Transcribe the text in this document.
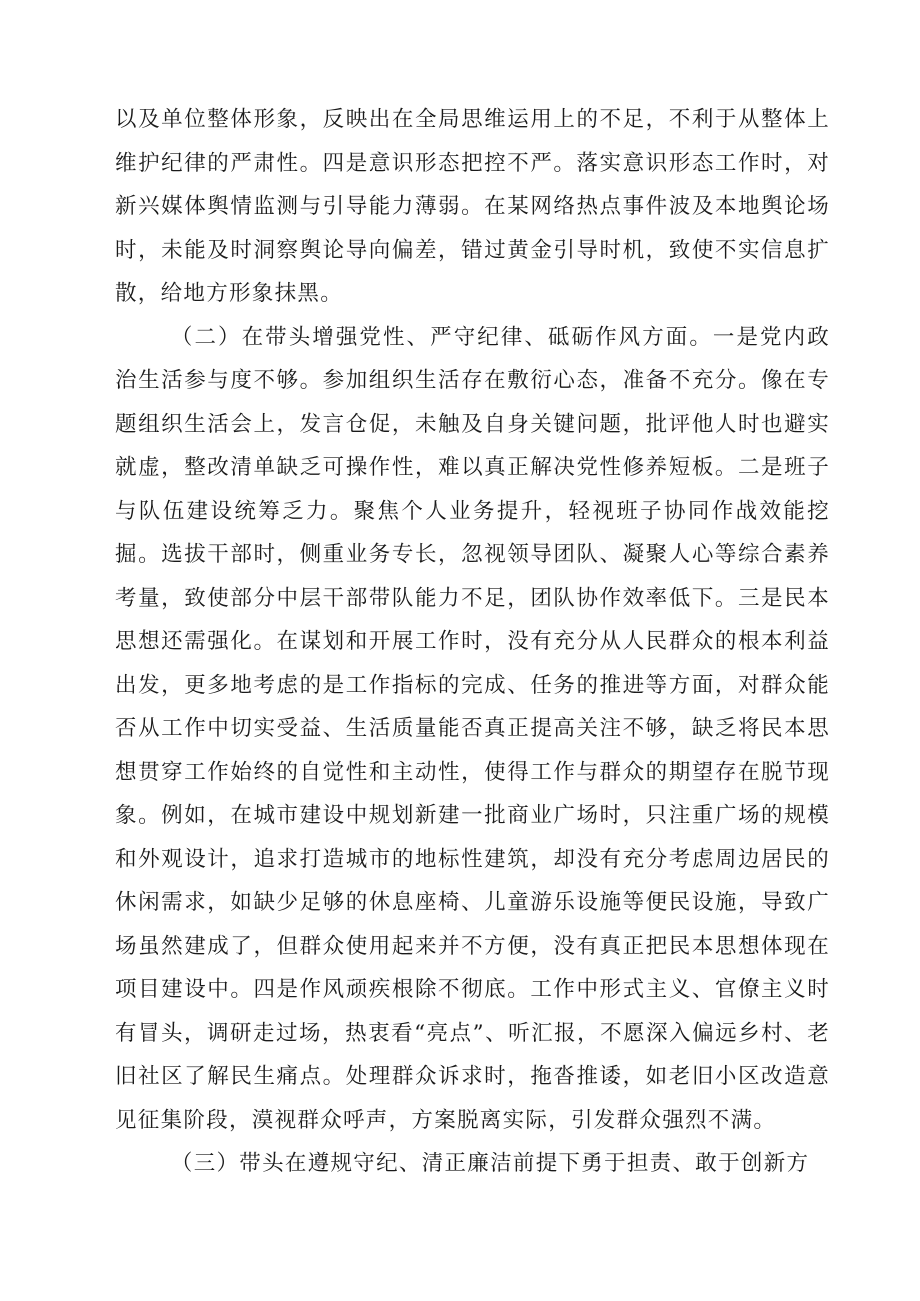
以及单位整体形象，反映出在全局思维运用上的不足，不利于从整体上维护纪律的严肃性。四是意识形态把控不严。落实意识形态工作时，对新兴媒体舆情监测与引导能力薄弱。在某网络热点事件波及本地舆论场时，未能及时洞察舆论导向偏差，错过黄金引导时机，致使不实信息扩散，给地方形象抹黑。

（二）在带头增强党性、严守纪律、砥砺作风方面。一是党内政治生活参与度不够。参加组织生活存在敷衍心态，准备不充分。像在专题组织生活会上，发言仓促，未触及自身关键问题，批评他人时也避实就虚，整改清单缺乏可操作性，难以真正解决党性修养短板。二是班子与队伍建设统筹乏力。聚焦个人业务提升，轻视班子协同作战效能挖掘。选拔干部时，侧重业务专长，忽视领导团队、凝聚人心等综合素养考量，致使部分中层干部带队能力不足，团队协作效率低下。三是民本思想还需强化。在谋划和开展工作时，没有充分从人民群众的根本利益出发，更多地考虑的是工作指标的完成、任务的推进等方面，对群众能否从工作中切实受益、生活质量能否真正提高关注不够，缺乏将民本思想贯穿工作始终的自觉性和主动性，使得工作与群众的期望存在脱节现象。例如，在城市建设中规划新建一批商业广场时，只注重广场的规模和外观设计，追求打造城市的地标性建筑，却没有充分考虑周边居民的休闲需求，如缺少足够的休息座椅、儿童游乐设施等便民设施，导致广场虽然建成了，但群众使用起来并不方便，没有真正把民本思想体现在项目建设中。四是作风顽疾根除不彻底。工作中形式主义、官僚主义时有冒头，调研走过场，热衷看“亮点”、听汇报，不愿深入偏远乡村、老旧社区了解民生痛点。处理群众诉求时，拖沓推诿，如老旧小区改造意见征集阶段，漠视群众呼声，方案脱离实际，引发群众强烈不满。

（三）带头在遵规守纪、清正廉洁前提下勇于担责、敢于创新方
